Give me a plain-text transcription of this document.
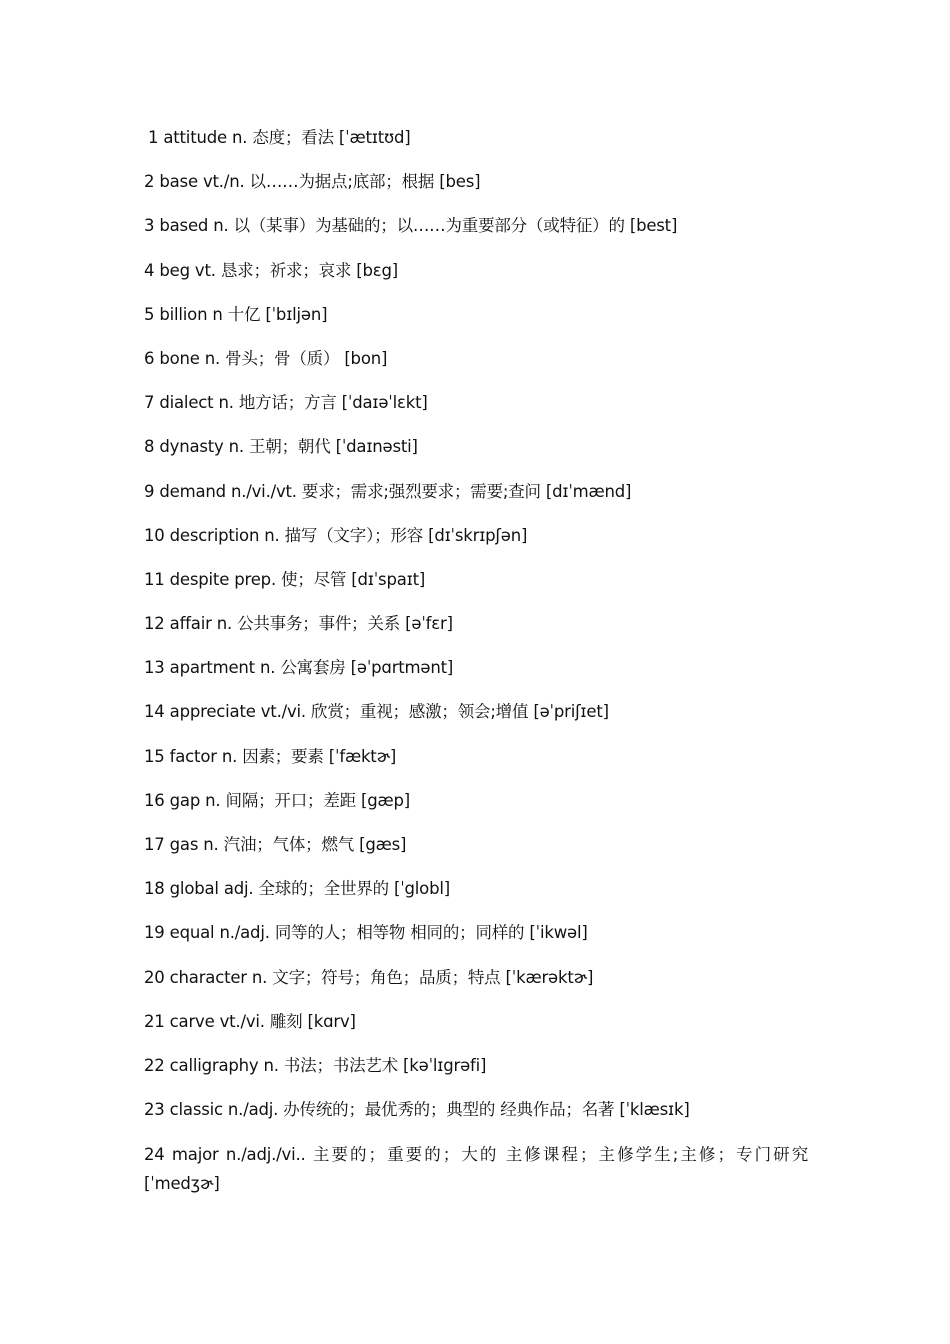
1 attitude n. 态度；看法 [ˈætɪtʊd]

2 base vt./n. 以……为据点;底部；根据 [bes]

3 based n. 以（某事）为基础的；以……为重要部分（或特征）的 [best]

4 beg vt. 恳求；祈求；哀求 [bɛg]

5 billion n 十亿 [ˈbɪljən]

6 bone n. 骨头；骨（质） [bon]

7 dialect n. 地方话；方言 [ˈdaɪəˈlɛkt]

8 dynasty n. 王朝；朝代 [ˈdaɪnəsti]

9 demand n./vi./vt. 要求；需求;强烈要求；需要;查问 [dɪˈmænd]

10 description n. 描写（文字）；形容 [dɪˈskrɪpʃən]

11 despite prep. 使；尽管 [dɪˈspaɪt]

12 affair n. 公共事务；事件；关系 [əˈfɛr]

13 apartment n. 公寓套房 [əˈpɑrtmənt]

14 appreciate vt./vi. 欣赏；重视；感激；领会;增值 [əˈpriʃɪet]

15 factor n. 因素；要素 [ˈfæktɚ]

16 gap n. 间隔；开口；差距 [gæp]

17 gas n. 汽油；气体；燃气 [gæs]

18 global adj. 全球的；全世界的 [ˈglobl]

19 equal n./adj. 同等的人；相等物 相同的；同样的 [ˈikwəl]

20 character n. 文字；符号；角色；品质；特点 [ˈkærəktɚ]

21 carve vt./vi. 雕刻 [kɑrv]

22 calligraphy n. 书法；书法艺术 [kəˈlɪgrəfi]

23 classic n./adj. 办传统的；最优秀的；典型的 经典作品；名著 [ˈklæsɪk]

24 major n./adj./vi.. 主要的；重要的；大的 主修课程；主修学生;主修；专门研究 [ˈmedʒɚ]
